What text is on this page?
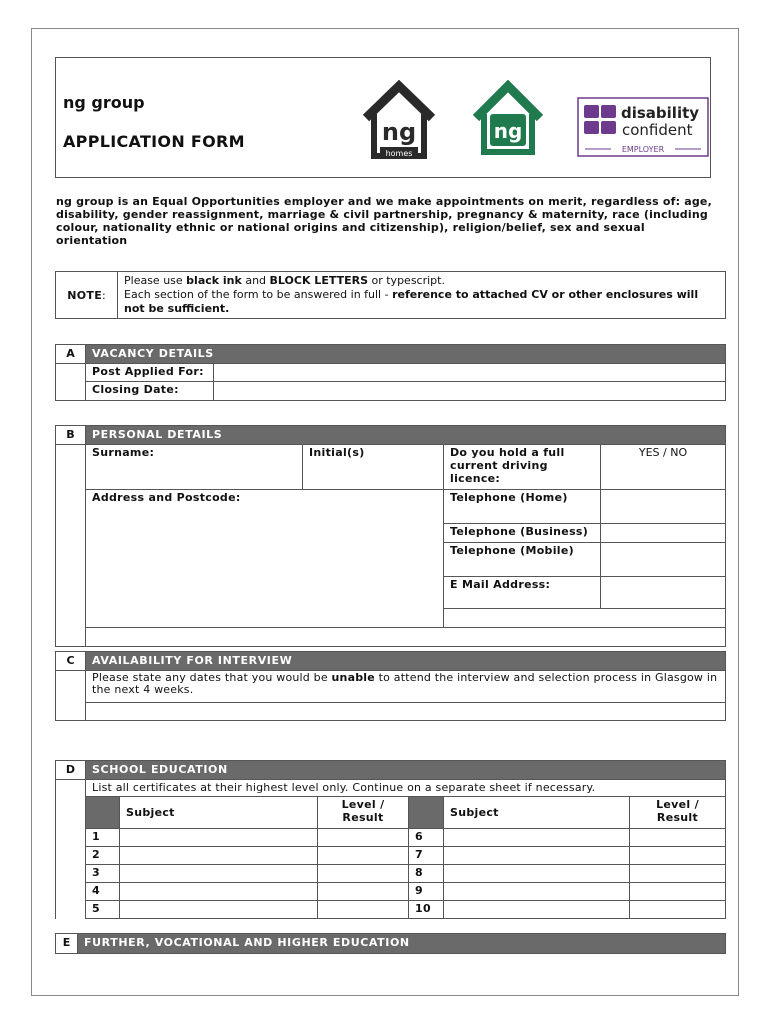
ng group
APPLICATION FORM	ng
homes
ng
disability
confident
EMPLOYER
ng group is an Equal Opportunities employer and we make appointments on merit, regardless of: age, disability, gender reassignment, marriage & civil partnership, pregnancy & maternity, race (including colour, nationality ethnic or national origins and citizenship), religion/belief, sex and sexual orientation
NOTE:	Please use black ink and BLOCK LETTERS or typescript.
Each section of the form to be answered in full - reference to attached CV or other enclosures will not be sufficient.
A	VACANCY DETAILS	
	Post Applied For:	
	Closing Date:	
B	PERSONAL DETAILS			
	Surname:	Initial(s)	Do you hold a full current driving licence:	YES / NO
	Address and Postcode:		Telephone (Home)	
			Telephone (Business)	
			Telephone (Mobile)	
			E Mail Address:	

C	AVAILABILITY FOR INTERVIEW
	Please state any dates that you would be unable to attend the interview and selection process in Glasgow in the next 4 weeks.

D	SCHOOL EDUCATION					
	List all certificates at their highest level only. Continue on a separate sheet if necessary.					
		Subject	Level / Result		Subject	Level / Result
	1			6		
	2			7		
	3			8		
	4			9		
	5			10		
E	FURTHER, VOCATIONAL AND HIGHER EDUCATION
